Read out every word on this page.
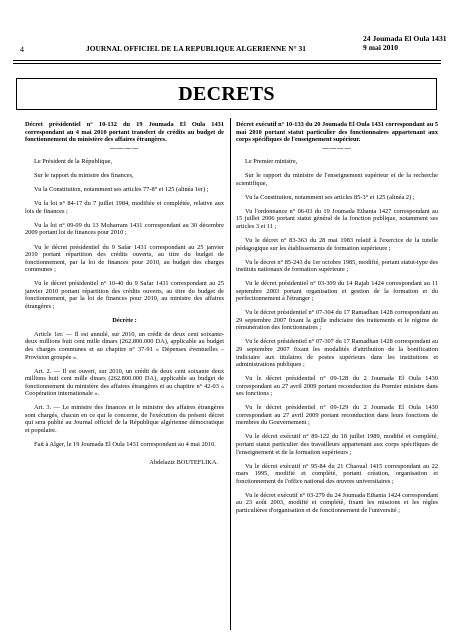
4	JOURNAL OFFICIEL DE LA REPUBLIQUE ALGERIENNE N° 31
24 Joumada El Oula 1431
9 mai 2010
DECRETS

Décret présidentiel n° 10-132 du 19 Joumada El Oula 1431 correspondant au 4 mai 2010 portant transfert de crédits au budget de fonctionnement du ministère des affaires étrangères.

————

Le Président de la République,

Sur le rapport du ministre des finances,

Vu la Constitution, notamment ses articles 77-8° et 125 (alinéa 1er) ;

Vu la loi n° 84-17 du 7 juillet 1984, modifiée et complétée, relative aux lois de finances ;

Vu la loi n° 09-09 du 13 Moharram 1431 correspondant au 30 décembre 2009 portant loi de finances pour 2010 ;

Vu le décret présidentiel du 9 Safar 1431 correspondant au 25 janvier 2010 portant répartition des crédits ouverts, au titre du budget de fonctionnement, par la loi de finances pour 2010, au budget des charges communes ;

Vu le décret présidentiel n° 10-40 du 9 Safar 1431 correspondant au 25 janvier 2010 portant répartition des crédits ouverts, au titre du budget de fonctionnement, par la loi de finances pour 2010, au ministre des affaires étrangères ;

Décrète :

Article 1er. — Il est annulé, sur 2010, un crédit de deux cent soixante-deux millions huit cent mille dinars (262.800.000 DA), applicable au budget des charges communes et au chapitre n° 37-91 « Dépenses éventuelles – Provision groupée ».

Art. 2. — Il est ouvert, sur 2010, un crédit de deux cent soixante deux millions huit cent mille dinars (262.800.000 DA), applicable au budget de fonctionnement du ministère des affaires étrangères et au chapitre n° 42-03 « Coopération internationale ».

Art. 3. — Le ministre des finances et le ministre des affaires étrangères sont chargés, chacun en ce qui le concerne, de l'exécution du présent décret qui sera publié au Journal officiel de la République algérienne démocratique et populaire.

Fait à Alger, le 19 Joumada El Oula 1431 correspondant au 4 mai 2010.

Abdelaziz BOUTEFLIKA.

Décret exécutif n° 10-133 du 20 Joumada El Oula 1431 correspondant au 5 mai 2010 portant statut particulier des fonctionnaires appartenant aux corps spécifiques de l'enseignement supérieur.

————

Le Premier ministre,

Sur le rapport du ministre de l'enseignement supérieur et de la recherche scientifique,

Vu la Constitution, notamment ses articles 85-3° et 125 (alinéa 2) ;

Vu l'ordonnance n° 06-03 du 19 Joumada Ethania 1427 correspondant au 15 juillet 2006 portant statut général de la fonction publique, notamment ses articles 3 et 11 ;

Vu le décret n° 83-363 du 28 mai 1983 relatif à l'exercice de la tutelle pédagogique sur les établissements de formation supérieure ;

Vu le décret n° 85-243 du 1er octobre 1985, modifié, portant statut-type des instituts nationaux de formation supérieure ;

Vu le décret présidentiel n° 03-309 du 14 Rajab 1424 correspondant au 11 septembre 2003 portant organisation et gestion de la formation et du perfectionnement à l'étranger ;

Vu le décret présidentiel n° 07-304 du 17 Ramadhan 1428 correspondant au 29 septembre 2007 fixant la grille indiciaire des traitements et le régime de rémunération des fonctionnaires ;

Vu le décret présidentiel n° 07-307 du 17 Ramadhan 1428 correspondant au 29 septembre 2007 fixant les modalités d'attribution de la bonification indiciaire aux titulaires de postes supérieurs dans les institutions et administrations publiques ;

Vu le décret présidentiel n° 09-128 du 2 Joumada El Oula 1430 correspondant au 27 avril 2009 portant reconduction du Premier ministre dans ses fonctions ;

Vu le décret présidentiel n° 09-129 du 2 Joumada El Oula 1430 correspondant au 27 avril 2009 portant reconduction dans leurs fonctions de membres du Gouvernement ;

Vu le décret exécutif n° 89-122 du 18 juillet 1989, modifié et complété, portant statut particulier des travailleurs appartenant aux corps spécifiques de l'enseignement et de la formation supérieurs ;

Vu le décret exécutif n° 95-84 du 21 Chaoual 1415 correspondant au 22 mars 1995, modifié et complété, portant création, organisation et fonctionnement de l'office national des œuvres universitaires ;

Vu le décret exécutif n° 03-279 du 24 Joumada Ethania 1424 correspondant au 23 août 2003, modifié et complété, fixant les missions et les règles particulières d'organisation et de fonctionnement de l'université ;
